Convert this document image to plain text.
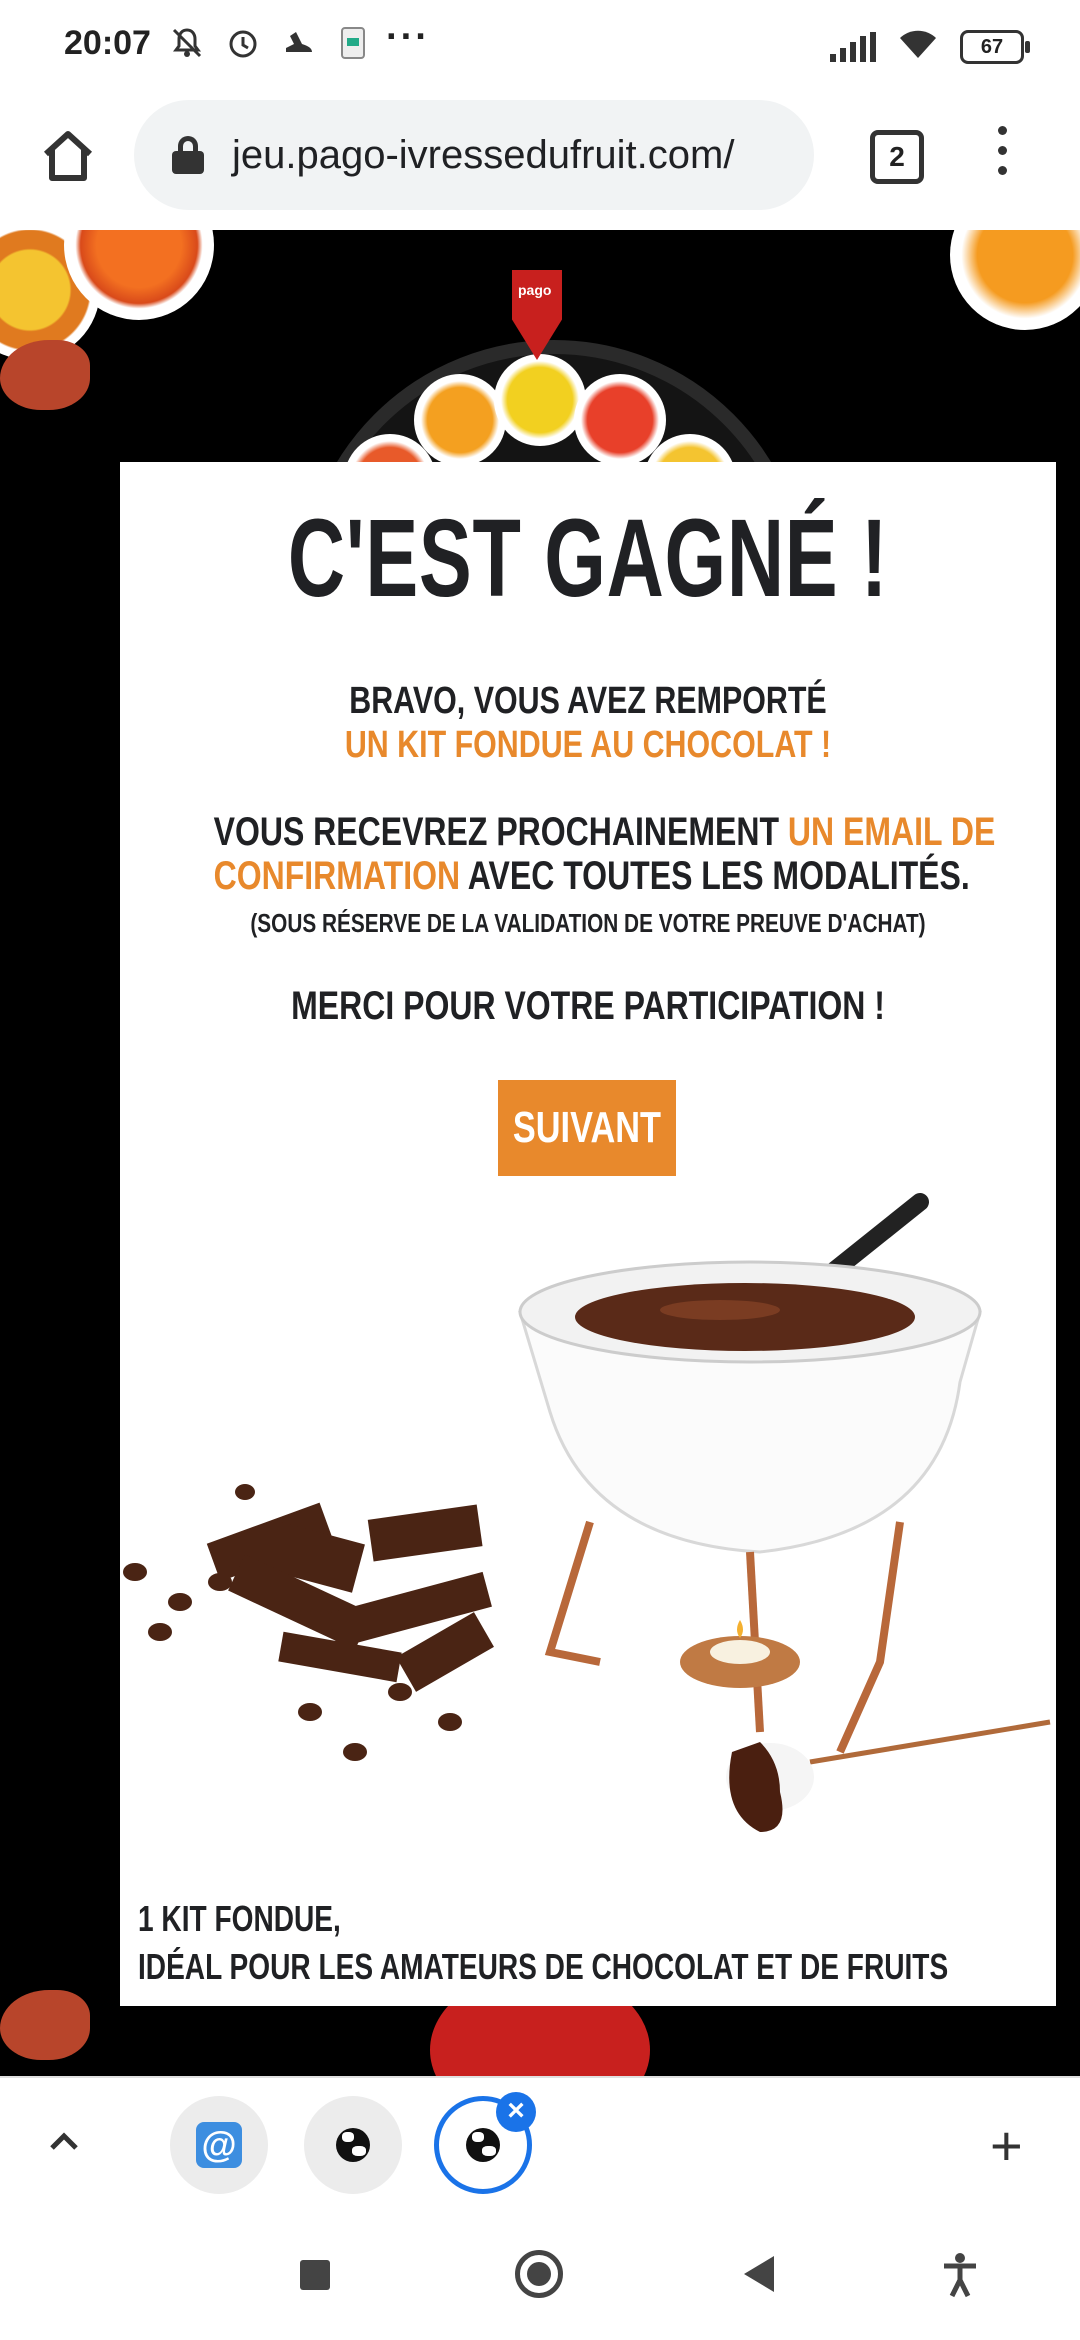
20:07	···	67
jeu.pago-ivressedufruit.com/	2
pago
C'EST GAGNÉ !
BRAVO, VOUS AVEZ REMPORTÉ
UN KIT FONDUE AU CHOCOLAT !
VOUS RECEVREZ PROCHAINEMENT UN EMAIL DE
CONFIRMATION AVEC TOUTES LES MODALITÉS.
(SOUS RÉSERVE DE LA VALIDATION DE VOTRE PREUVE D'ACHAT)
MERCI POUR VOTRE PARTICIPATION !
SUIVANT
1 KIT FONDUE,
IDÉAL POUR LES AMATEURS DE CHOCOLAT ET DE FRUITS
@
×
+
